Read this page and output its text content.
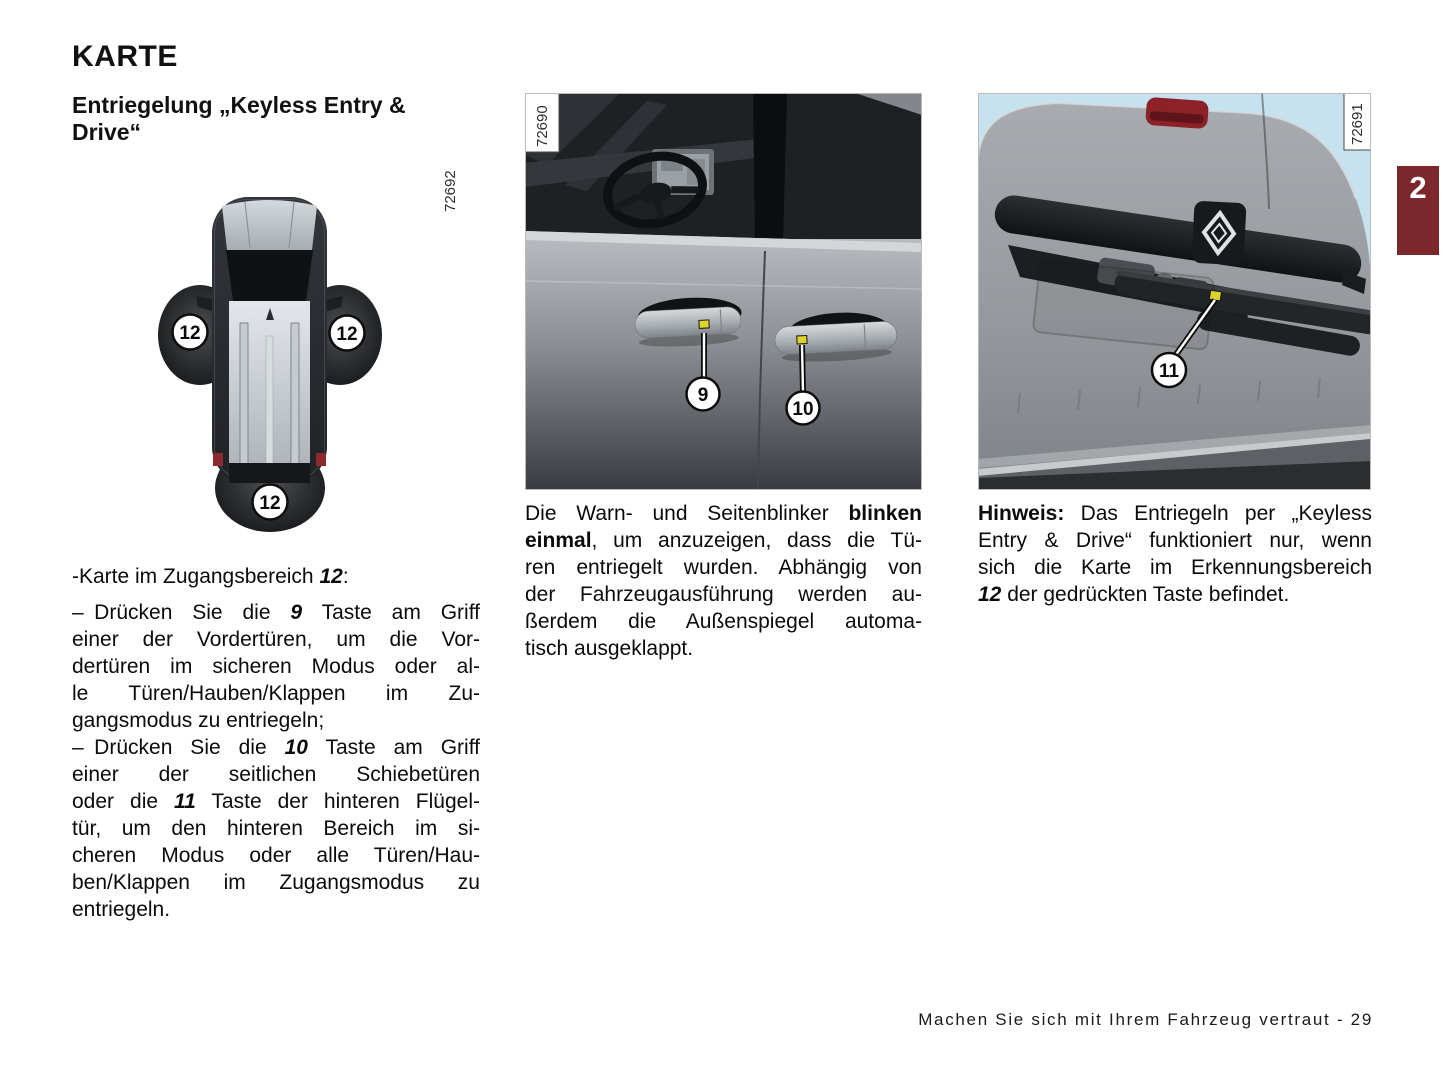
KARTE
Entriegelung „Keyless Entry &
Drive“
2
12	12
12
72692
9
10
72690
11
72691
-Karte im Zugangsbereich 12:
– Drücken Sie die 9 Taste am Griff
einer der Vordertüren, um die Vor-
dertüren im sicheren Modus oder al-
le Türen/Hauben/Klappen im Zu-
gangsmodus zu entriegeln;
– Drücken Sie die 10 Taste am Griff
einer der seitlichen Schiebetüren
oder die 11 Taste der hinteren Flügel-
tür, um den hinteren Bereich im si-
cheren Modus oder alle Türen/Hau-
ben/Klappen im Zugangsmodus zu
entriegeln.
Die Warn- und Seitenblinker blinken
einmal, um anzuzeigen, dass die Tü-
ren entriegelt wurden. Abhängig von
der Fahrzeugausführung werden au-
ßerdem die Außenspiegel automa-
tisch ausgeklappt.
Hinweis: Das Entriegeln per „Keyless
Entry & Drive“ funktioniert nur, wenn
sich die Karte im Erkennungsbereich
12 der gedrückten Taste befindet.
Machen Sie sich mit Ihrem Fahrzeug vertraut - 29
